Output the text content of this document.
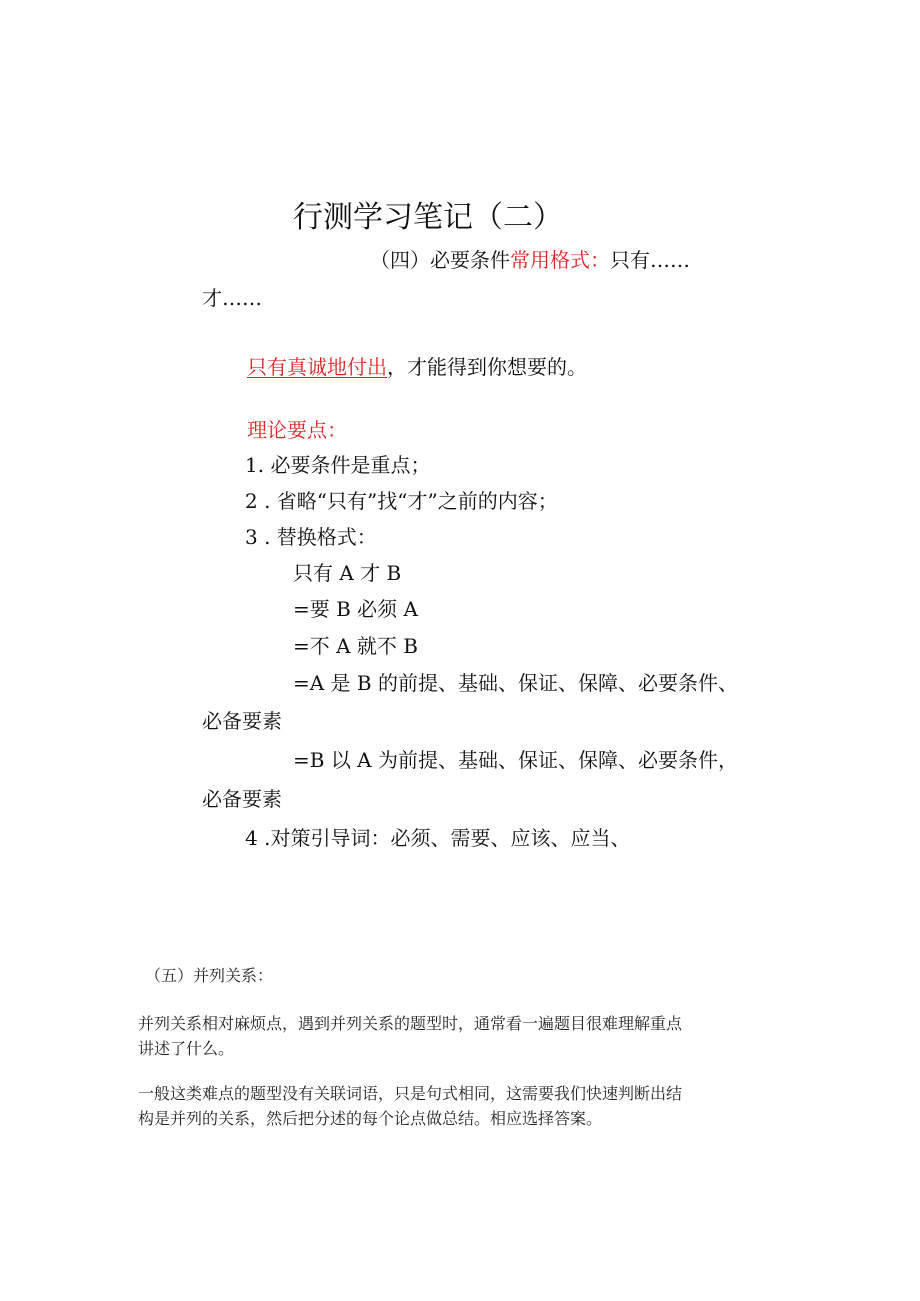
行测学习笔记（二）
（四）必要条件常用格式：只有……
才……
只有真诚地付出，才能得到你想要的。
理论要点：
1. 必要条件是重点；
2 . 省略“只有”找“才”之前的内容；
3 . 替换格式：
只有 A 才 B
=要 B 必须 A
=不 A 就不 B
=A 是 B 的前提、基础、保证、保障、必要条件、
必备要素
=B 以 A 为前提、基础、保证、保障、必要条件，
必备要素
4 .对策引导词：必须、需要、应该、应当、
（五）并列关系：
并列关系相对麻烦点，遇到并列关系的题型时，通常看一遍题目很难理解重点
讲述了什么。
一般这类难点的题型没有关联词语，只是句式相同，这需要我们快速判断出结
构是并列的关系，然后把分述的每个论点做总结。相应选择答案。
